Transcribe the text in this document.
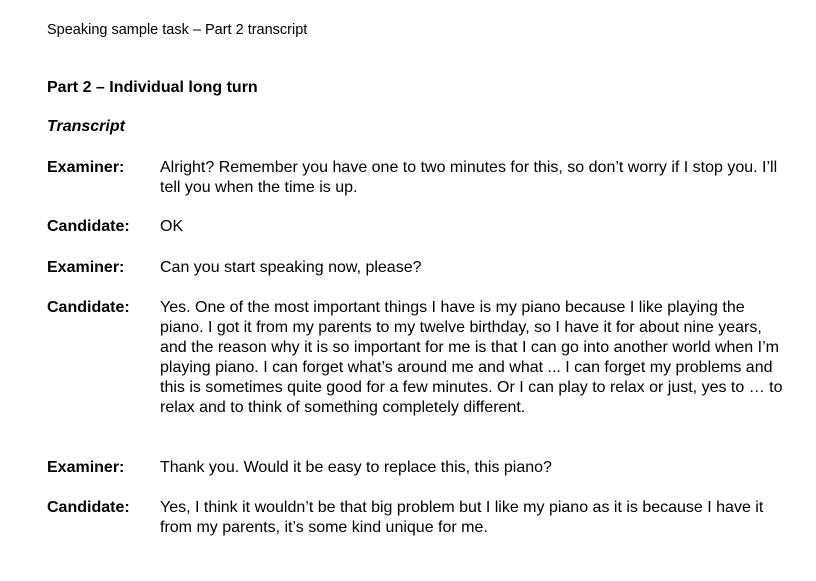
Speaking sample task – Part 2 transcript
Part 2 – Individual long turn
Transcript
Examiner:	Alright? Remember you have one to two minutes for this, so don’t worry if I stop you. I’ll tell you when the time is up.

Candidate:	OK

Examiner:	Can you start speaking now, please?

Candidate:	Yes. One of the most important things I have is my piano because I like playing the piano. I got it from my parents to my twelve birthday, so I have it for about nine years, and the reason why it is so important for me is that I can go into another world when I’m playing piano. I can forget what’s around me and what ... I can forget my problems and this is sometimes quite good for a few minutes. Or I can play to relax or just, yes to … to relax and to think of something completely different.

Examiner:	Thank you. Would it be easy to replace this, this piano?

Candidate:	Yes, I think it wouldn’t be that big problem but I like my piano as it is because I have it from my parents, it’s some kind unique for me.
